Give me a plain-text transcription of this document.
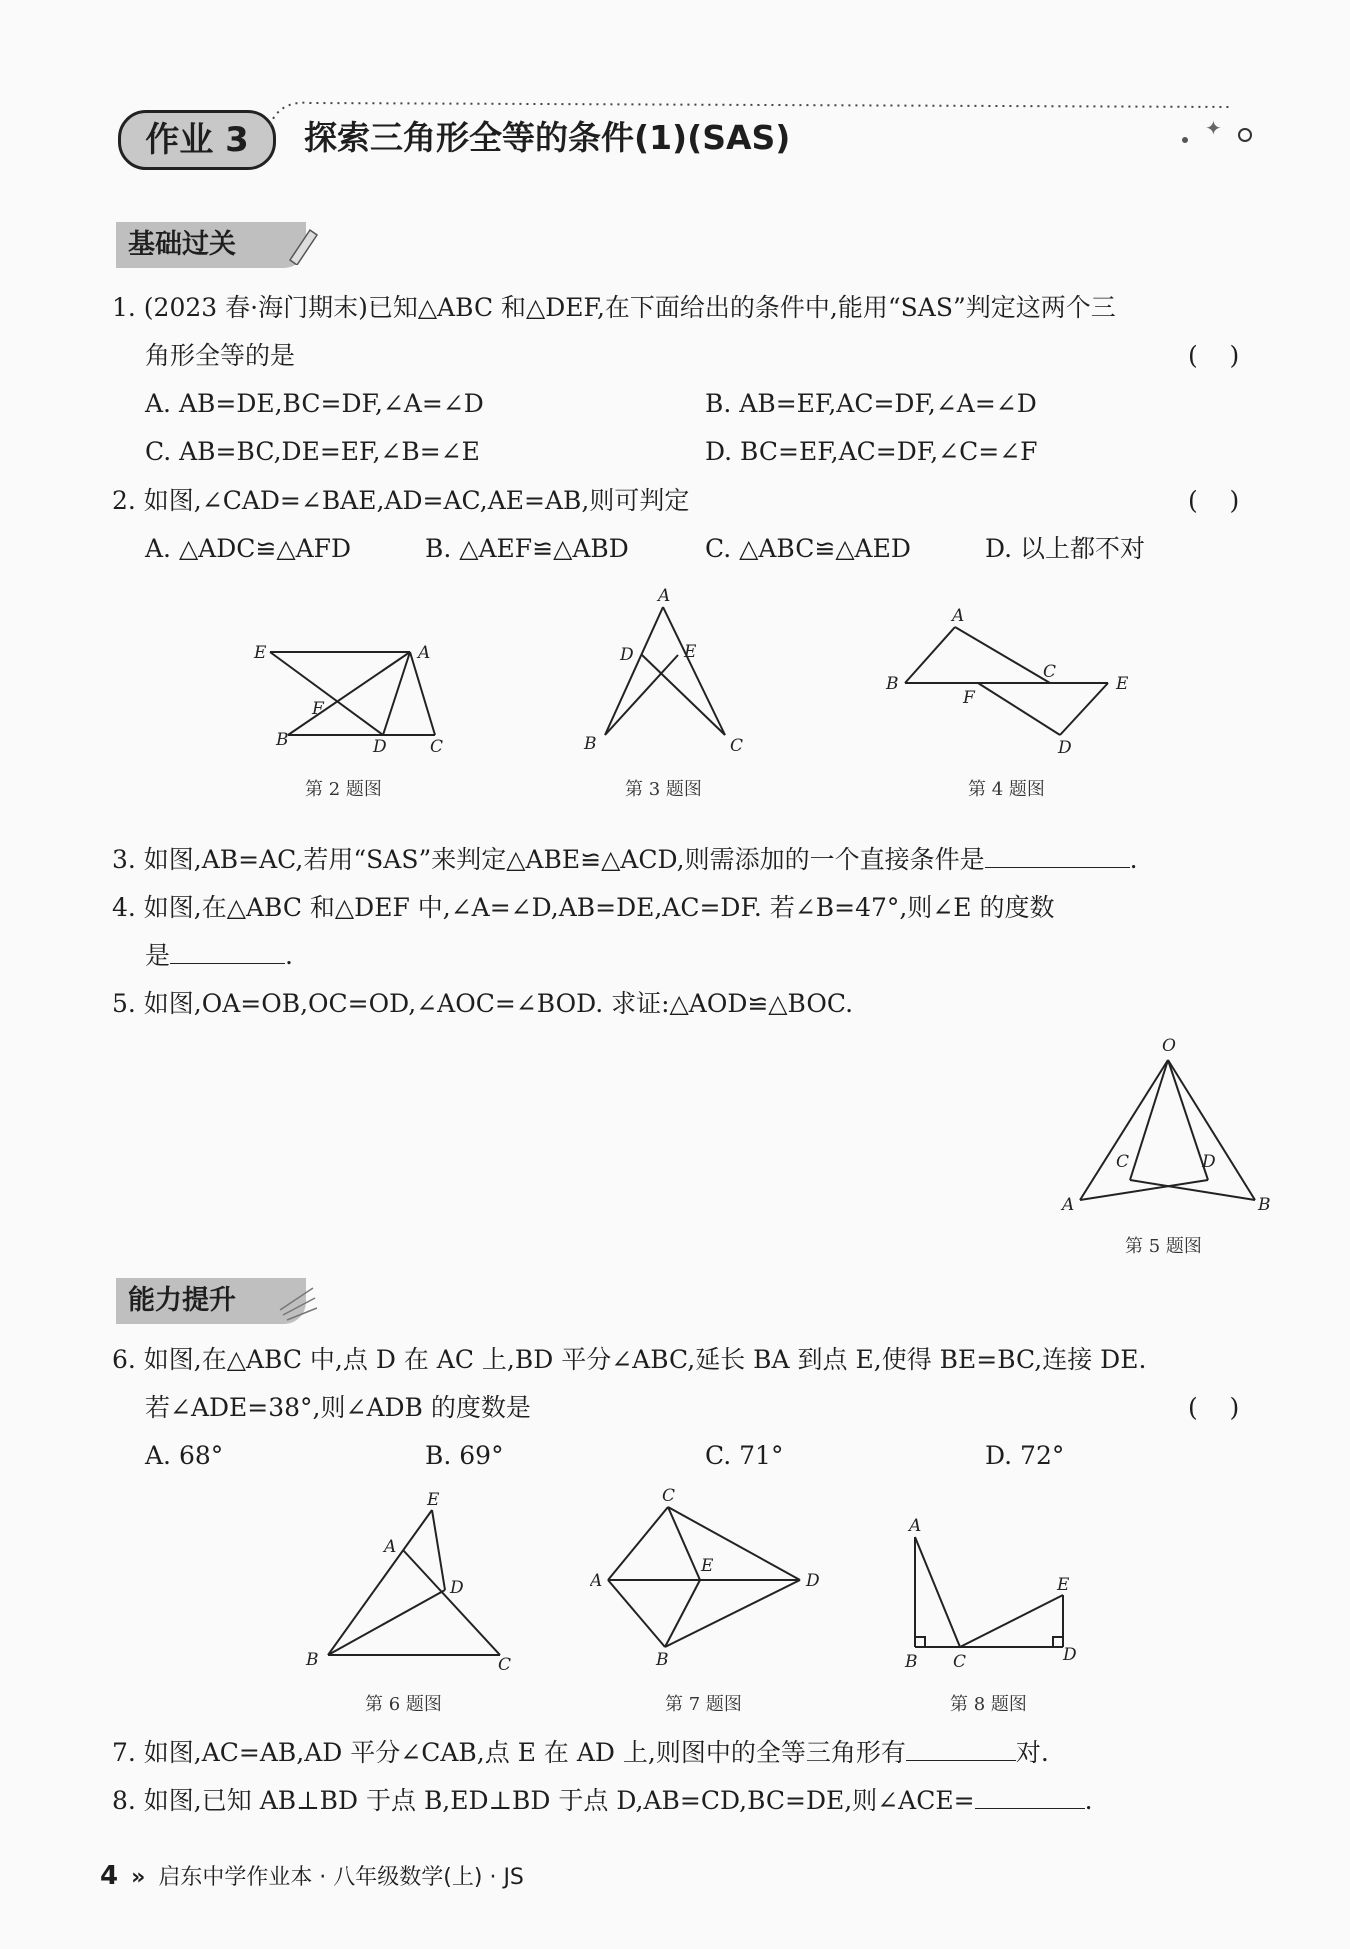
作业 3	探索三角形全等的条件(1)(SAS)	✦
基础过关
1. (2023 春·海门期末)已知△ABC 和△DEF,在下面给出的条件中,能用“SAS”判定这两个三
角形全等的是	(    )
A. AB=DE,BC=DF,∠A=∠D	B. AB=EF,AC=DF,∠A=∠D
C. AB=BC,DE=EF,∠B=∠E	D. BC=EF,AC=DF,∠C=∠F
2. 如图,∠CAD=∠BAE,AD=AC,AE=AB,则可判定	(    )
A. △ADC≌△AFD	B. △AEF≌△ABD	C. △ABC≌△AED	D. 以上都不对
E	A
F
B	D	C
第 2 题图
A
D	E
B	C
第 3 题图
A
B
C
E
F
D
第 4 题图
3. 如图,AB=AC,若用“SAS”来判定△ABE≌△ACD,则需添加的一个直接条件是	.
4. 如图,在△ABC 和△DEF 中,∠A=∠D,AB=DE,AC=DF. 若∠B=47°,则∠E 的度数
是	.
5. 如图,OA=OB,OC=OD,∠AOC=∠BOD. 求证:△AOD≌△BOC.
O
C	D
A	B
第 5 题图
能力提升
6. 如图,在△ABC 中,点 D 在 AC 上,BD 平分∠ABC,延长 BA 到点 E,使得 BE=BC,连接 DE.
若∠ADE=38°,则∠ADB 的度数是	(    )
A. 68°	B. 69°	C. 71°	D. 72°
E
A
D
B	C
第 6 题图
C
A
E
D
B
第 7 题图
A
E
B C	D
第 8 题图
7. 如图,AC=AB,AD 平分∠CAB,点 E 在 AD 上,则图中的全等三角形有	对.
8. 如图,已知 AB⊥BD 于点 B,ED⊥BD 于点 D,AB=CD,BC=DE,则∠ACE=	.
4 » 启东中学作业本 · 八年级数学(上) · JS
